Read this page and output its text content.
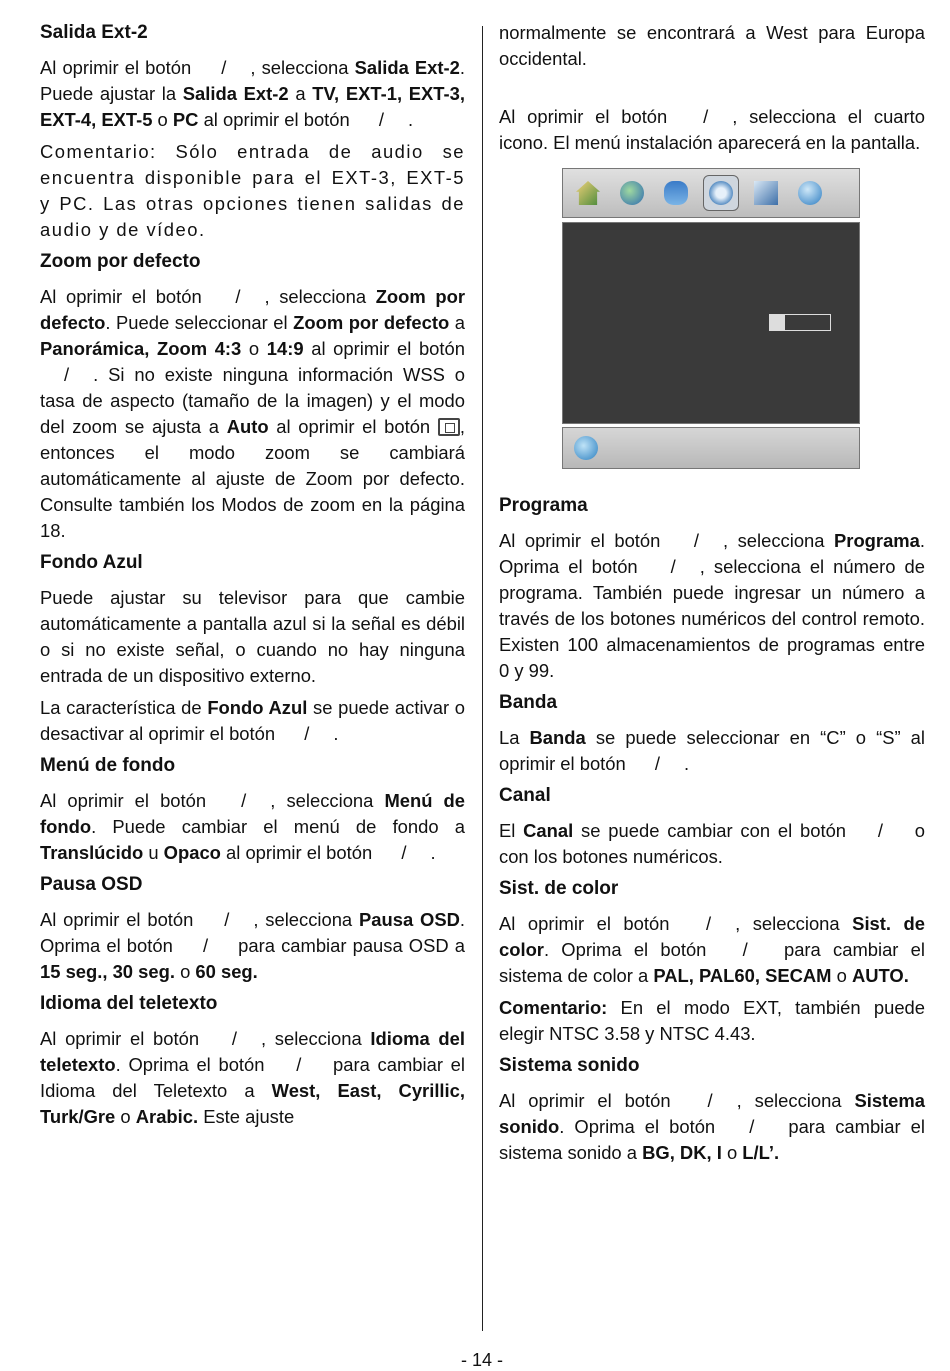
Salida Ext-2

Al oprimir el botón / , selecciona Salida Ext-2. Puede ajustar la Salida Ext-2 a TV, EXT-1, EXT-3, EXT-4, EXT-5 o PC al oprimir el botón / .

Comentario: Sólo entrada de audio se encuentra disponible para el EXT-3, EXT-5 y PC. Las otras opciones tienen salidas de audio y de vídeo.

Zoom por defecto

Al oprimir el botón / , selecciona Zoom por defecto. Puede seleccionar el Zoom por defecto a Panorámica, Zoom 4:3 o 14:9 al oprimir el botón / . Si no existe ninguna información WSS o tasa de aspecto (tamaño de la imagen) y el modo del zoom se ajusta a Auto al oprimir el botón , entonces el modo zoom se cambiará automáticamente al ajuste de Zoom por defecto. Consulte también los Modos de zoom en la página 18.

Fondo Azul

Puede ajustar su televisor para que cambie automáticamente a pantalla azul si la señal es débil o si no existe señal, o cuando no hay ninguna entrada de un dispositivo externo.

La característica de Fondo Azul se puede activar o desactivar al oprimir el botón / .

Menú de fondo

Al oprimir el botón / , selecciona Menú de fondo. Puede cambiar el menú de fondo a Translúcido u Opaco al oprimir el botón / .

Pausa OSD

Al oprimir el botón / , selecciona Pausa OSD. Oprima el botón / para cambiar pausa OSD a 15 seg., 30 seg. o 60 seg.

Idioma del teletexto

Al oprimir el botón / , selecciona Idioma del teletexto. Oprima el botón / para cambiar el Idioma del Teletexto a West, East, Cyrillic, Turk/Gre o Arabic. Este ajuste

normalmente se encontrará a West para Europa occidental.

Al oprimir el botón / , selecciona el cuarto icono. El menú instalación aparecerá en la pantalla.

Programa

Al oprimir el botón / , selecciona Programa. Oprima el botón / , selecciona el número de programa. También puede ingresar un número a través de los botones numéricos del control remoto. Existen 100 almacenamientos de programas entre 0 y 99.

Banda

La Banda se puede seleccionar en “C” o “S” al oprimir el botón / .

Canal

El Canal se puede cambiar con el botón / o con los botones numéricos.

Sist. de color

Al oprimir el botón / , selecciona Sist. de color. Oprima el botón / para cambiar el sistema de color a PAL, PAL60, SECAM o AUTO.

Comentario: En el modo EXT, también puede elegir NTSC 3.58 y NTSC 4.43.

Sistema sonido

Al oprimir el botón / , selecciona Sistema sonido. Oprima el botón / para cambiar el sistema sonido a BG, DK, I o L/L’.

- 14 -
